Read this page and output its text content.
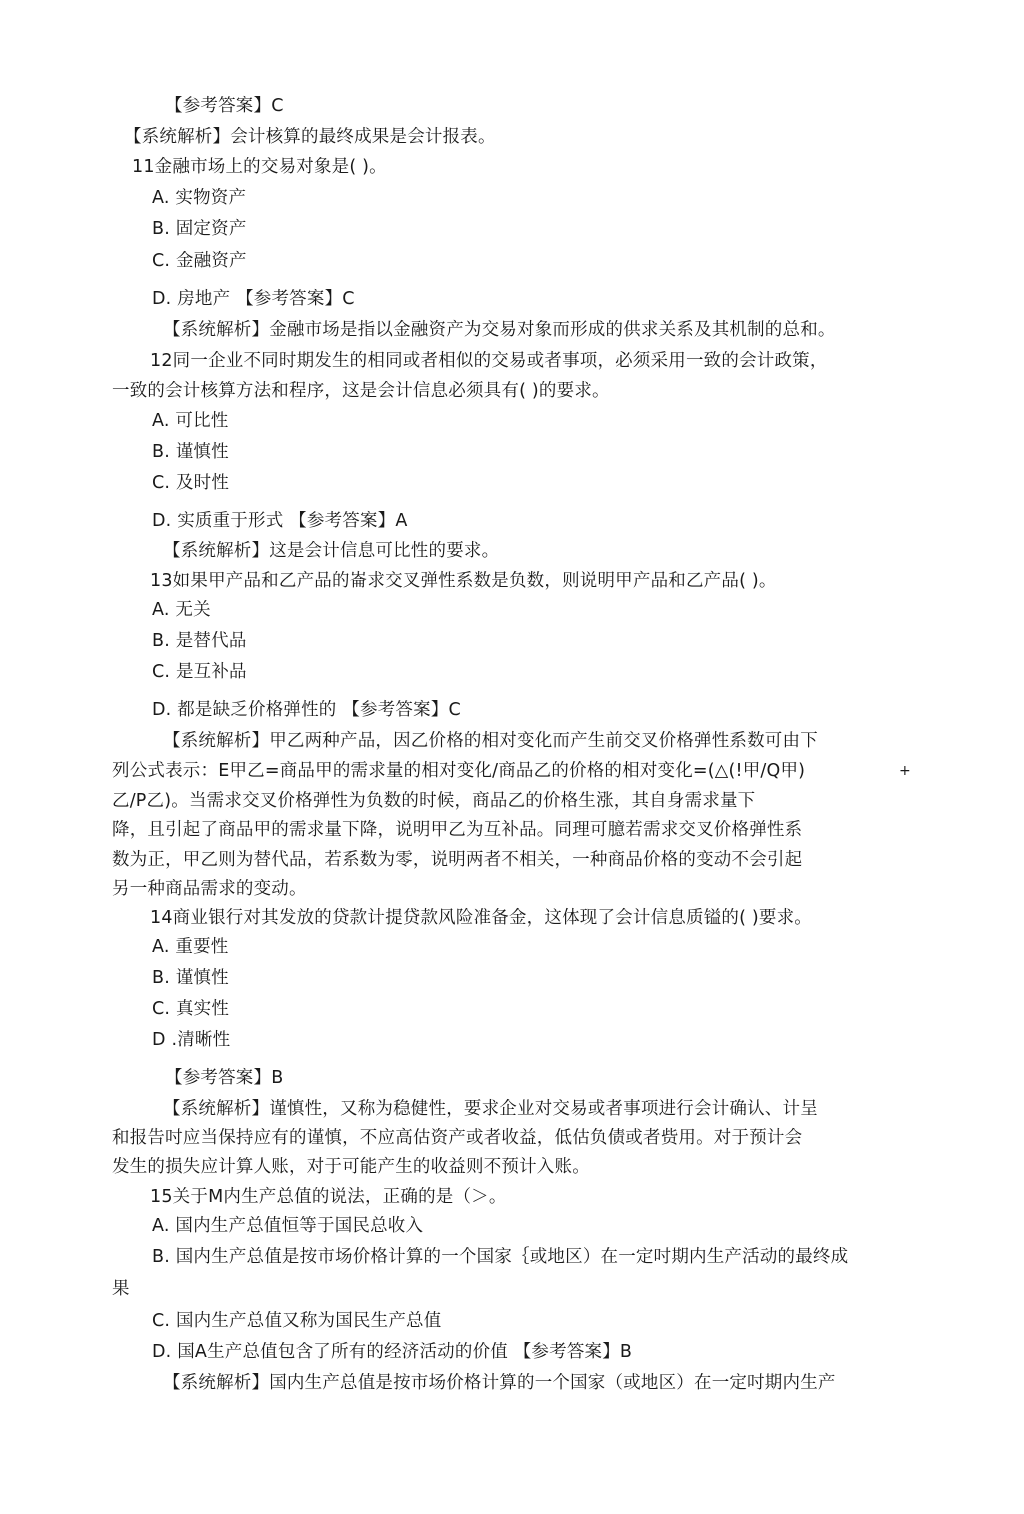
【参考答案】C
【系统解析】会计核算的最终成果是会计报表。
11金融市场上的交易对象是( )。
A. 实物资产
B. 固定资产
C. 金融资产
D. 房地产 【参考答案】C
【系统解析】金融市场是指以金融资产为交易对象而形成的供求关系及其机制的总和。
12同一企业不同时期发生的相同或者相似的交易或者事项，必须采用一致的会计政策，
一致的会计核算方法和程序，这是会计信息必须具有( )的要求。
A. 可比性
B. 谨慎性
C. 及时性
D. 实质重于形式 【参考答案】A
【系统解析】这是会计信息可比性的要求。
13如果甲产品和乙产品的崙求交叉弹性系数是负数，则说明甲产品和乙产品( )。
A. 无关
B. 是替代品
C. 是互补品
D. 都是缺乏价格弹性的 【参考答案】C
【系统解析】甲乙两种产品，因乙价格的相对变化而产生前交叉价格弹性系数可由下
列公式表示：E甲乙=商品甲的需求量的相对变化/商品乙的价格的相对变化=(△(!甲/Q甲)	+
乙/P乙)。当需求交叉价格弹性为负数的时候，商品乙的价格生涨，其自身需求量下
降，且引起了商品甲的需求量下降，说明甲乙为互补品。同理可臆若需求交叉价格弹性系
数为正，甲乙则为替代品，若系数为零，说明两者不相关，一种商品价格的变动不会引起
另一种商品需求的变动。
14商业银行对其发放的贷款计提贷款风险准备金，这体现了会计信息质镒的( )要求。
A. 重要性
B. 谨慎性
C. 真实性
D .清晰性
【参考答案】B
【系统解析】谨慎性，又称为稳健性，要求企业对交易或者事项进行会计确认、计呈
和报告吋应当保持应有的谨慎，不应高估资产或者收益，低估负债或者赀用。对于预计会
发生的损失应计算人账，对于可能产生的收益则不预计入账。
15关于M内生产总值的说法，正确的是（＞。
A. 国内生产总值恒等于国民总收入
B. 国内生产总值是按市场价格计算的一个国家｛或地区）在一定吋期内生产活动的最终成
果
C. 国内生产总值又称为国民生产总值
D. 国A生产总值包含了所有的经济活动的价值 【参考答案】B
【系统解析】国内生产总值是按市场价格计算的一个国家（或地区）在一定吋期内生产
